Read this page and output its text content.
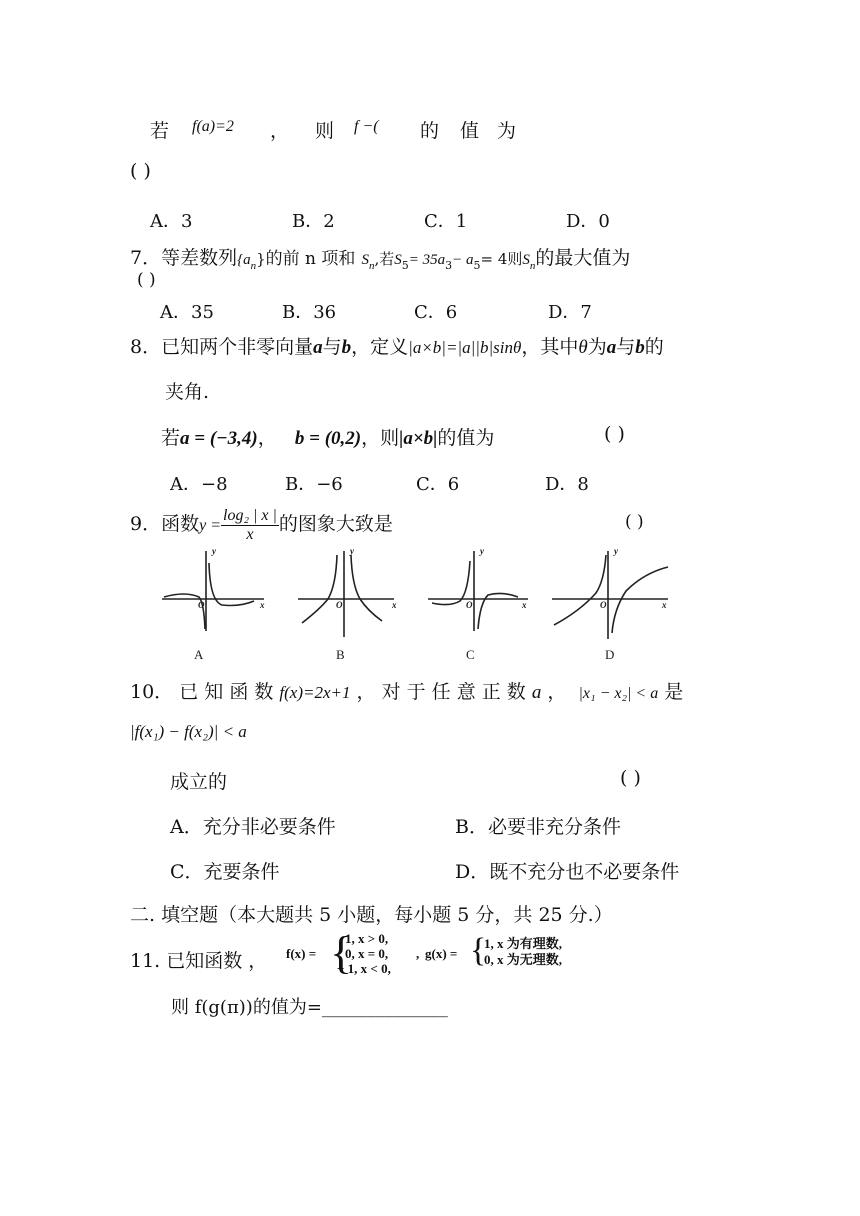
若 f(a)=2 ， 则 f −( 的 值 为
( )
A．3	B．2	C．1	D．0
7．等差数列$\{a_n\}$的前 n 项和 $S_n$,若$S_5= 35a_3- a_5= 4$则$S_n$的最大值为
( )
A．35	B．36	C．6	D．7
8．已知两个非零向量a与b，定义|a×b|=|a||b|sinθ，其中θ为a与b的
夹角.
若a = (−3,4)， b = (0,2)，则|a×b|的值为	( )
A．−8	B．−6	C．6	D．8
9．函数$y = \frac{\text{log₂ | x |}}{x}$ 的图象大致是	( )
y
x
O
y
x
O
y
x
O
y
x
O
A	B	C	D
10． 已 知 函 数 f(x)=2x+1 ， 对 于 任 意 正 数 a ， |x₁ − x₂| < a 是
|f(x₁) − f(x₂)| < a
成立的	( )
A．充分非必要条件	B．必要非充分条件
C．充要条件	D．既不充分也不必要条件
二. 填空题（本大题共 5 小题，每小题 5 分，共 25 分.）
11. 已知函数 ， f(x) = {
1, x > 0,
0, x = 0,
− 1, x < 0,
, g(x) = {
1, x 为有理数,
0, x 为无理数,
则 f(g(π))的值为=______________
